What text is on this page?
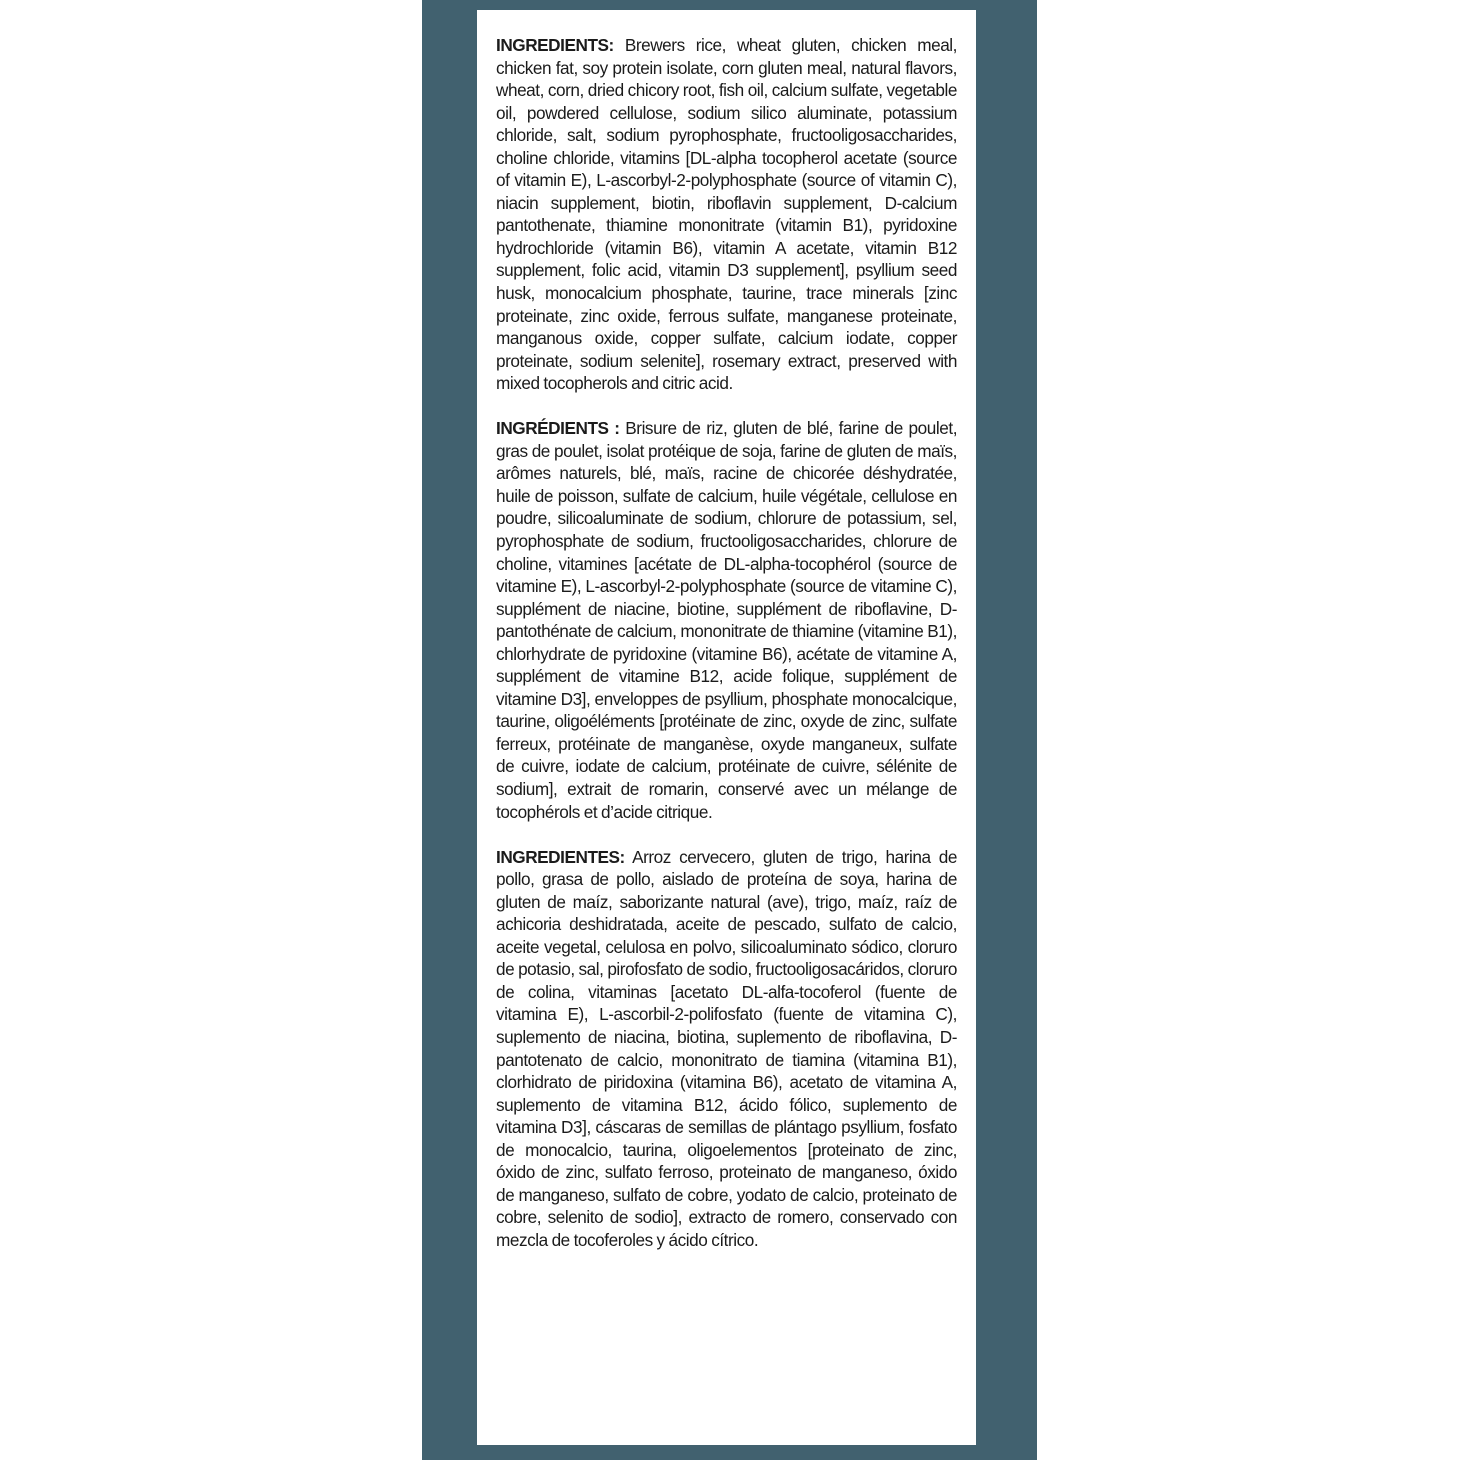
INGREDIENTS: Brewers rice, wheat gluten, chicken meal, chicken fat, soy protein isolate, corn gluten meal, natural flavors, wheat, corn, dried chicory root, fish oil, calcium sulfate, vegetable oil, powdered cellulose, sodium silico aluminate, potassium chloride, salt, sodium pyrophosphate, fructooligosaccharides, choline chloride, vitamins [DL-alpha tocopherol acetate (source of vitamin E), L-ascorbyl-2-polyphosphate (source of vitamin C), niacin supplement, biotin, riboflavin supplement, D-calcium pantothenate, thiamine mononitrate (vitamin B1), pyridoxine hydrochloride (vitamin B6), vitamin A acetate, vitamin B12 supplement, folic acid, vitamin D3 supplement], psyllium seed husk, monocalcium phosphate, taurine, trace minerals [zinc proteinate, zinc oxide, ferrous sulfate, manganese proteinate, manganous oxide, copper sulfate, calcium iodate, copper proteinate, sodium selenite], rosemary extract, preserved with mixed tocopherols and citric acid.

INGRÉDIENTS : Brisure de riz, gluten de blé, farine de poulet, gras de poulet, isolat protéique de soja, farine de gluten de maïs, arômes naturels, blé, maïs, racine de chicorée déshydratée, huile de poisson, sulfate de calcium, huile végétale, cellulose en poudre, silicoaluminate de sodium, chlorure de potassium, sel, pyrophosphate de sodium, fructooligosaccharides, chlorure de choline, vitamines [acétate de DL-alpha-tocophérol (source de vitamine E), L-ascorbyl-2-polyphosphate (source de vitamine C), supplément de niacine, biotine, supplément de riboflavine, D-pantothénate de calcium, mononitrate de thiamine (vitamine B1), chlorhydrate de pyridoxine (vitamine B6), acétate de vitamine A, supplément de vitamine B12, acide folique, supplément de vitamine D3], enveloppes de psyllium, phosphate monocalcique, taurine, oligoéléments [protéinate de zinc, oxyde de zinc, sulfate ferreux, protéinate de manganèse, oxyde manganeux, sulfate de cuivre, iodate de calcium, protéinate de cuivre, sélénite de sodium], extrait de romarin, conservé avec un mélange de tocophérols et d’acide citrique.

INGREDIENTES: Arroz cervecero, gluten de trigo, harina de pollo, grasa de pollo, aislado de proteína de soya, harina de gluten de maíz, saborizante natural (ave), trigo, maíz, raíz de achicoria deshidratada, aceite de pescado, sulfato de calcio, aceite vegetal, celulosa en polvo, silicoaluminato sódico, cloruro de potasio, sal, pirofosfato de sodio, fructooligosacáridos, cloruro de colina, vitaminas [acetato DL-alfa-tocoferol (fuente de vitamina E), L-ascorbil-2-polifosfato (fuente de vitamina C), suplemento de niacina, biotina, suplemento de riboflavina, D-pantotenato de calcio, mononitrato de tiamina (vitamina B1), clorhidrato de piridoxina (vitamina B6), acetato de vitamina A, suplemento de vitamina B12, ácido fólico, suplemento de vitamina D3], cáscaras de semillas de plántago psyllium, fosfato de monocalcio, taurina, oligoelementos [proteinato de zinc, óxido de zinc, sulfato ferroso, proteinato de manganeso, óxido de manganeso, sulfato de cobre, yodato de calcio, proteinato de cobre, selenito de sodio], extracto de romero, conservado con mezcla de tocoferoles y ácido cítrico.
